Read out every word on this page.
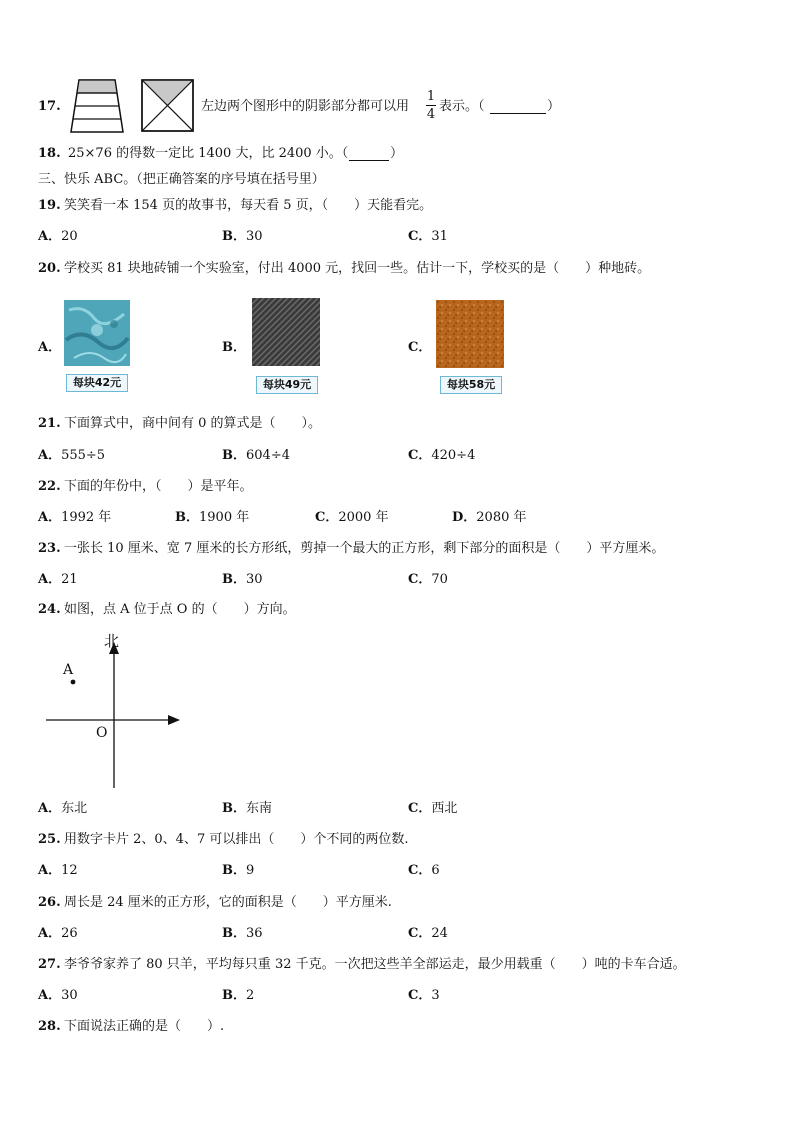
17.	左边两个图形中的阴影部分都可以用
1
4
表示。（	）
18. 25×76 的得数一定比 1400 大，比 2400 小。（	）
三、快乐 ABC。（把正确答案的序号填在括号里）
19. 笑笑看一本 154 页的故事书，每天看 5 页，（　　）天能看完。
A．20	B．30	C．31
20. 学校买 81 块地砖铺一个实验室，付出 4000 元，找回一些。估计一下，学校买的是（　　）种地砖。
A．
每块42元
B．
每块49元
C．
每块58元
21. 下面算式中，商中间有 0 的算式是（　　）。
A．555÷5	B．604÷4	C．420÷4
22. 下面的年份中，（　　）是平年。
A．1992 年	B．1900 年	C．2000 年	D．2080 年
23. 一张长 10 厘米、宽 7 厘米的长方形纸，剪掉一个最大的正方形，剩下部分的面积是（　　）平方厘米。
A．21	B．30	C．70
24. 如图，点 A 位于点 O 的（　　）方向。
北
A
O
A．东北	B．东南	C．西北
25. 用数字卡片 2、0、4、7 可以排出（　　）个不同的两位数.
A．12	B．9	C．6
26. 周长是 24 厘米的正方形，它的面积是（　　）平方厘米.
A．26	B．36	C．24
27. 李爷爷家养了 80 只羊，平均每只重 32 千克。一次把这些羊全部运走，最少用载重（　　）吨的卡车合适。
A．30	B．2	C．3
28. 下面说法正确的是（　　）.
